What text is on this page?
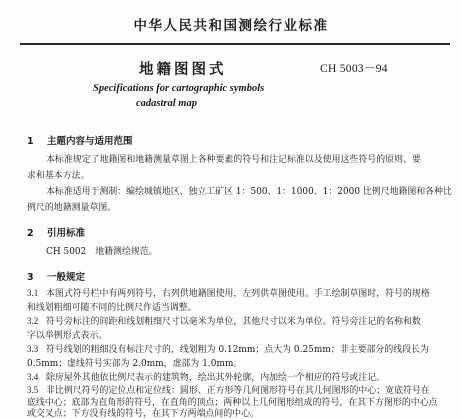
中华人民共和国测绘行业标准
地籍图图式	CH 5003－94
Specifications for cartographic symbols
cadastral map
1 主题内容与适用范围
本标准规定了地籍图和地籍测量草图上各种要素的符号和注记标准以及使用这些符号的原则、要
求和基本方法。
本标准适用于测制：编绘城镇地区、独立工矿区 1：500、1：1000、1：2000 比例尺地籍图和各种比
例尺的地籍测量草图。
2 引用标准
CH 5002　地籍测绘规范。
3 一般规定
3.1 本图式符号栏中有两列符号，右列供地籍图使用，左列供草图使用。手工绘制草图时，符号的规格
和线划粗细可随不同的比例尺作适当调整。
3.2 符号旁标注的间距和线划粗细尺寸以毫米为单位，其他尺寸以米为单位。符号旁注记的名称和数
字以举例形式表示。
3.3 符号线划的粗细没有标注尺寸的，线划粗为 0.12mm；点大为 0.25mm；非主要部分的线段长为
0.5mm；虚线符号实部为 2.0mm，虚部为 1.0mm。
3.4 除房屋外其他依比例尺表示的建筑物，绘出其外轮廓，内加绘一个相应的符号或注记。
3.5 非比例尺符号的定位点和定位线：圆形、正方形等几何图形符号在其几何图形的中心；宽底符号在
底线中心；底部为直角形的符号，在直角的顶点；两种以上几何图形组成的符号，在其下方图形的中心点
或交叉点；下方没有线的符号，在其下方两端点间的中心。
